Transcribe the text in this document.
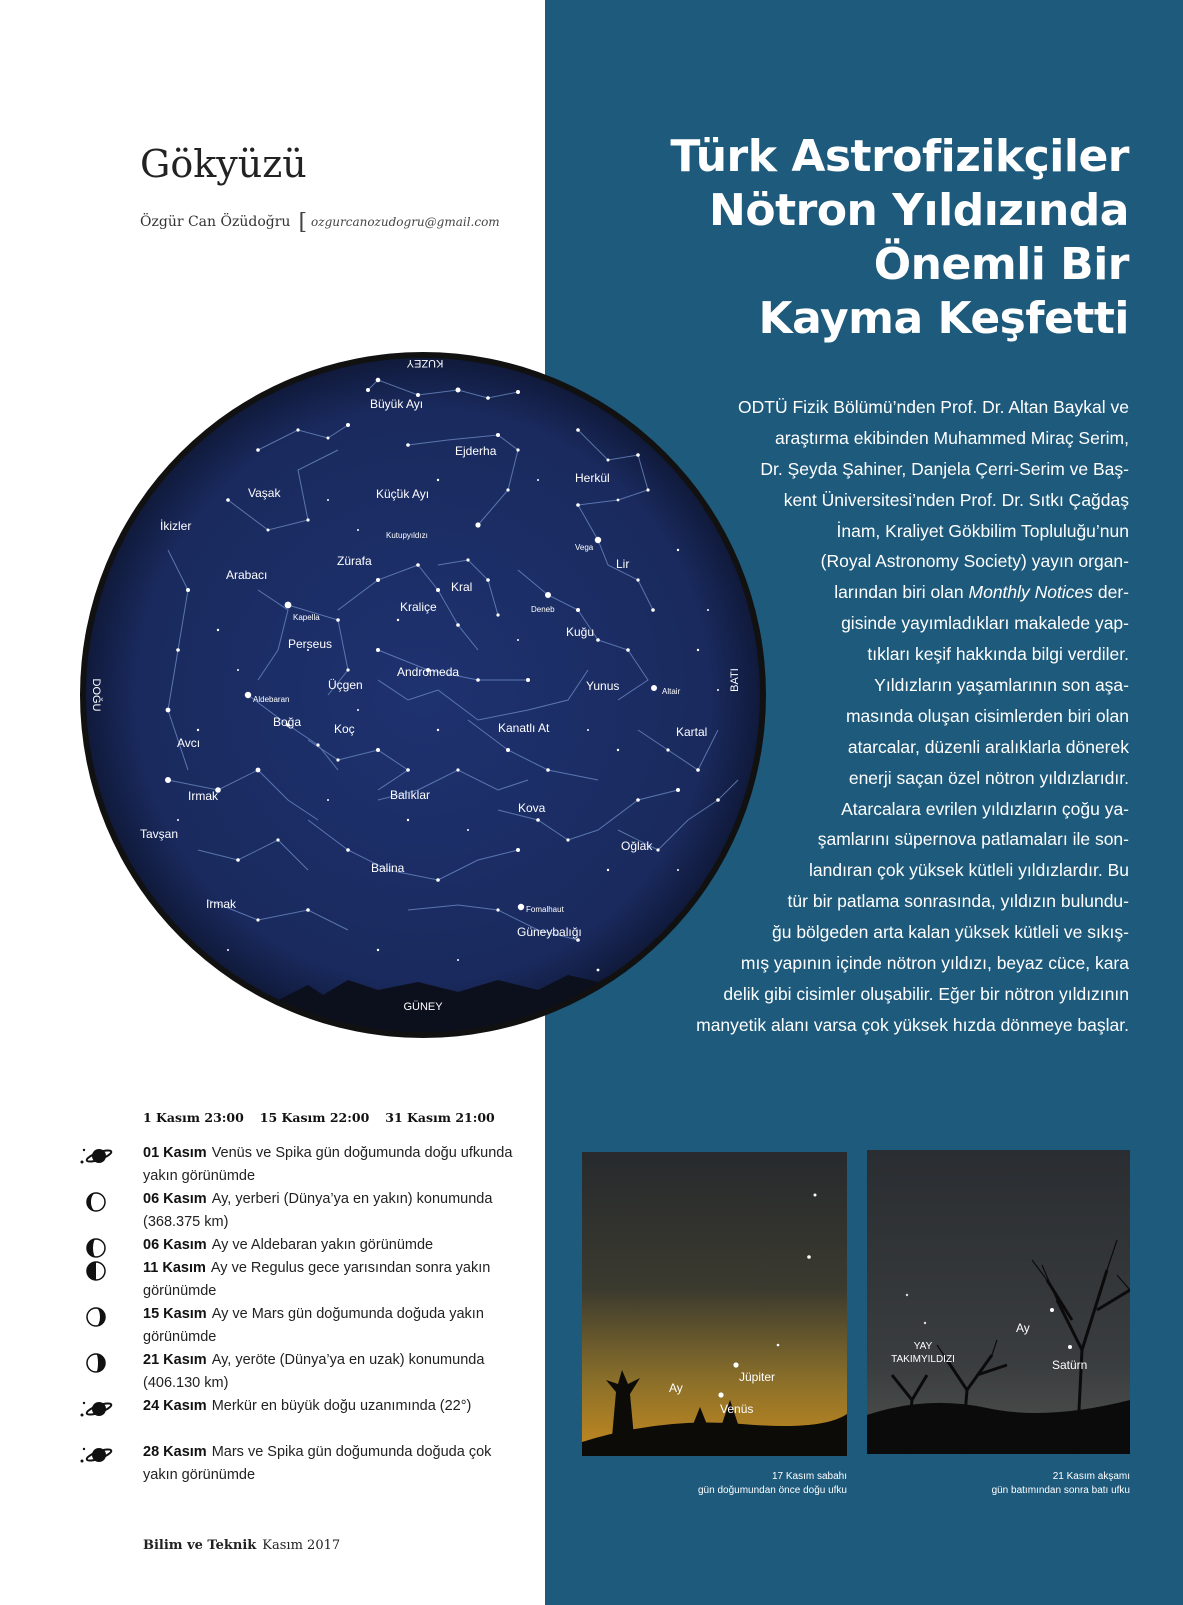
Gökyüzü
Özgür Can Özüdoğru [ ozgurcanozudogru@gmail.com
Türk Astrofizikçiler
Nötron Yıldızında
Önemli Bir
Kayma Keşfetti
ODTÜ Fizik Bölümü’nden Prof. Dr. Altan Baykal ve
araştırma ekibinden Muhammed Miraç Serim,
Dr. Şeyda Şahiner, Danjela Çerri-Serim ve Baş-
kent Üniversitesi’nden Prof. Dr. Sıtkı Çağdaş
İnam, Kraliyet Gökbilim Topluluğu’nun
(Royal Astronomy Society) yayın organ-
larından biri olan Monthly Notices der-
gisinde yayımladıkları makalede yap-
tıkları keşif hakkında bilgi verdiler.
Yıldızların yaşamlarının son aşa-
masında oluşan cisimlerden biri olan
atarcalar, düzenli aralıklarla dönerek
enerji saçan özel nötron yıldızlarıdır.
Atarcalara evrilen yıldızların çoğu ya-
şamlarını süpernova patlamaları ile son-
landıran çok yüksek kütleli yıldızlardır. Bu
tür bir patlama sonrasında, yıldızın bulundu-
ğu bölgeden arta kalan yüksek kütleli ve sıkış-
mış yapının içinde nötron yıldızı, beyaz cüce, kara
delik gibi cisimler oluşabilir. Eğer bir nötron yıldızının
manyetik alanı varsa çok yüksek hızda dönmeye başlar.
KUZEY
GÜNEY
DOĞU	BATI
Büyük Ayı
Ejderha
Herkül
Vaşak	Küçük Ayı
Kutupyıldızı
İkizler
Vega
Lir
Arabacı
Zürafa
Kral
Kraliçe
Kapella
Deneb
Kuğu
Perseus
Andromeda
Üçgen	Yunus	Altair
Aldebaran
Boğa	Koç	Kanatlı At	Kartal
Avcı
Balıklar
Irmak
Kova
Tavşan
Oğlak
Balina
Irmak	Fomalhaut
Güneybalığı
1 Kasım 23:00 15 Kasım 22:00 31 Kasım 21:00
01 Kasım Venüs ve Spika gün doğumunda doğu ufkunda yakın görünümde
06 Kasım Ay, yerberi (Dünya’ya en yakın) konumunda (368.375 km)
06 Kasım Ay ve Aldebaran yakın görünümde
11 Kasım Ay ve Regulus gece yarısından sonra yakın görünümde
15 Kasım Ay ve Mars gün doğumunda doğuda yakın görünümde
21 Kasım Ay, yeröte (Dünya’ya en uzak) konumunda (406.130 km)
24 Kasım Merkür en büyük doğu uzanımında (22°)
28 Kasım Mars ve Spika gün doğumunda doğuda çok yakın görünümde
Jüpiter
Ay
Venüs
17 Kasım sabahı
gün doğumundan önce doğu ufku
Ay
Satürn
YAY
TAKIMYILDIZI
21 Kasım akşamı
gün batımından sonra batı ufku
Bilim ve Teknik Kasım 2017
